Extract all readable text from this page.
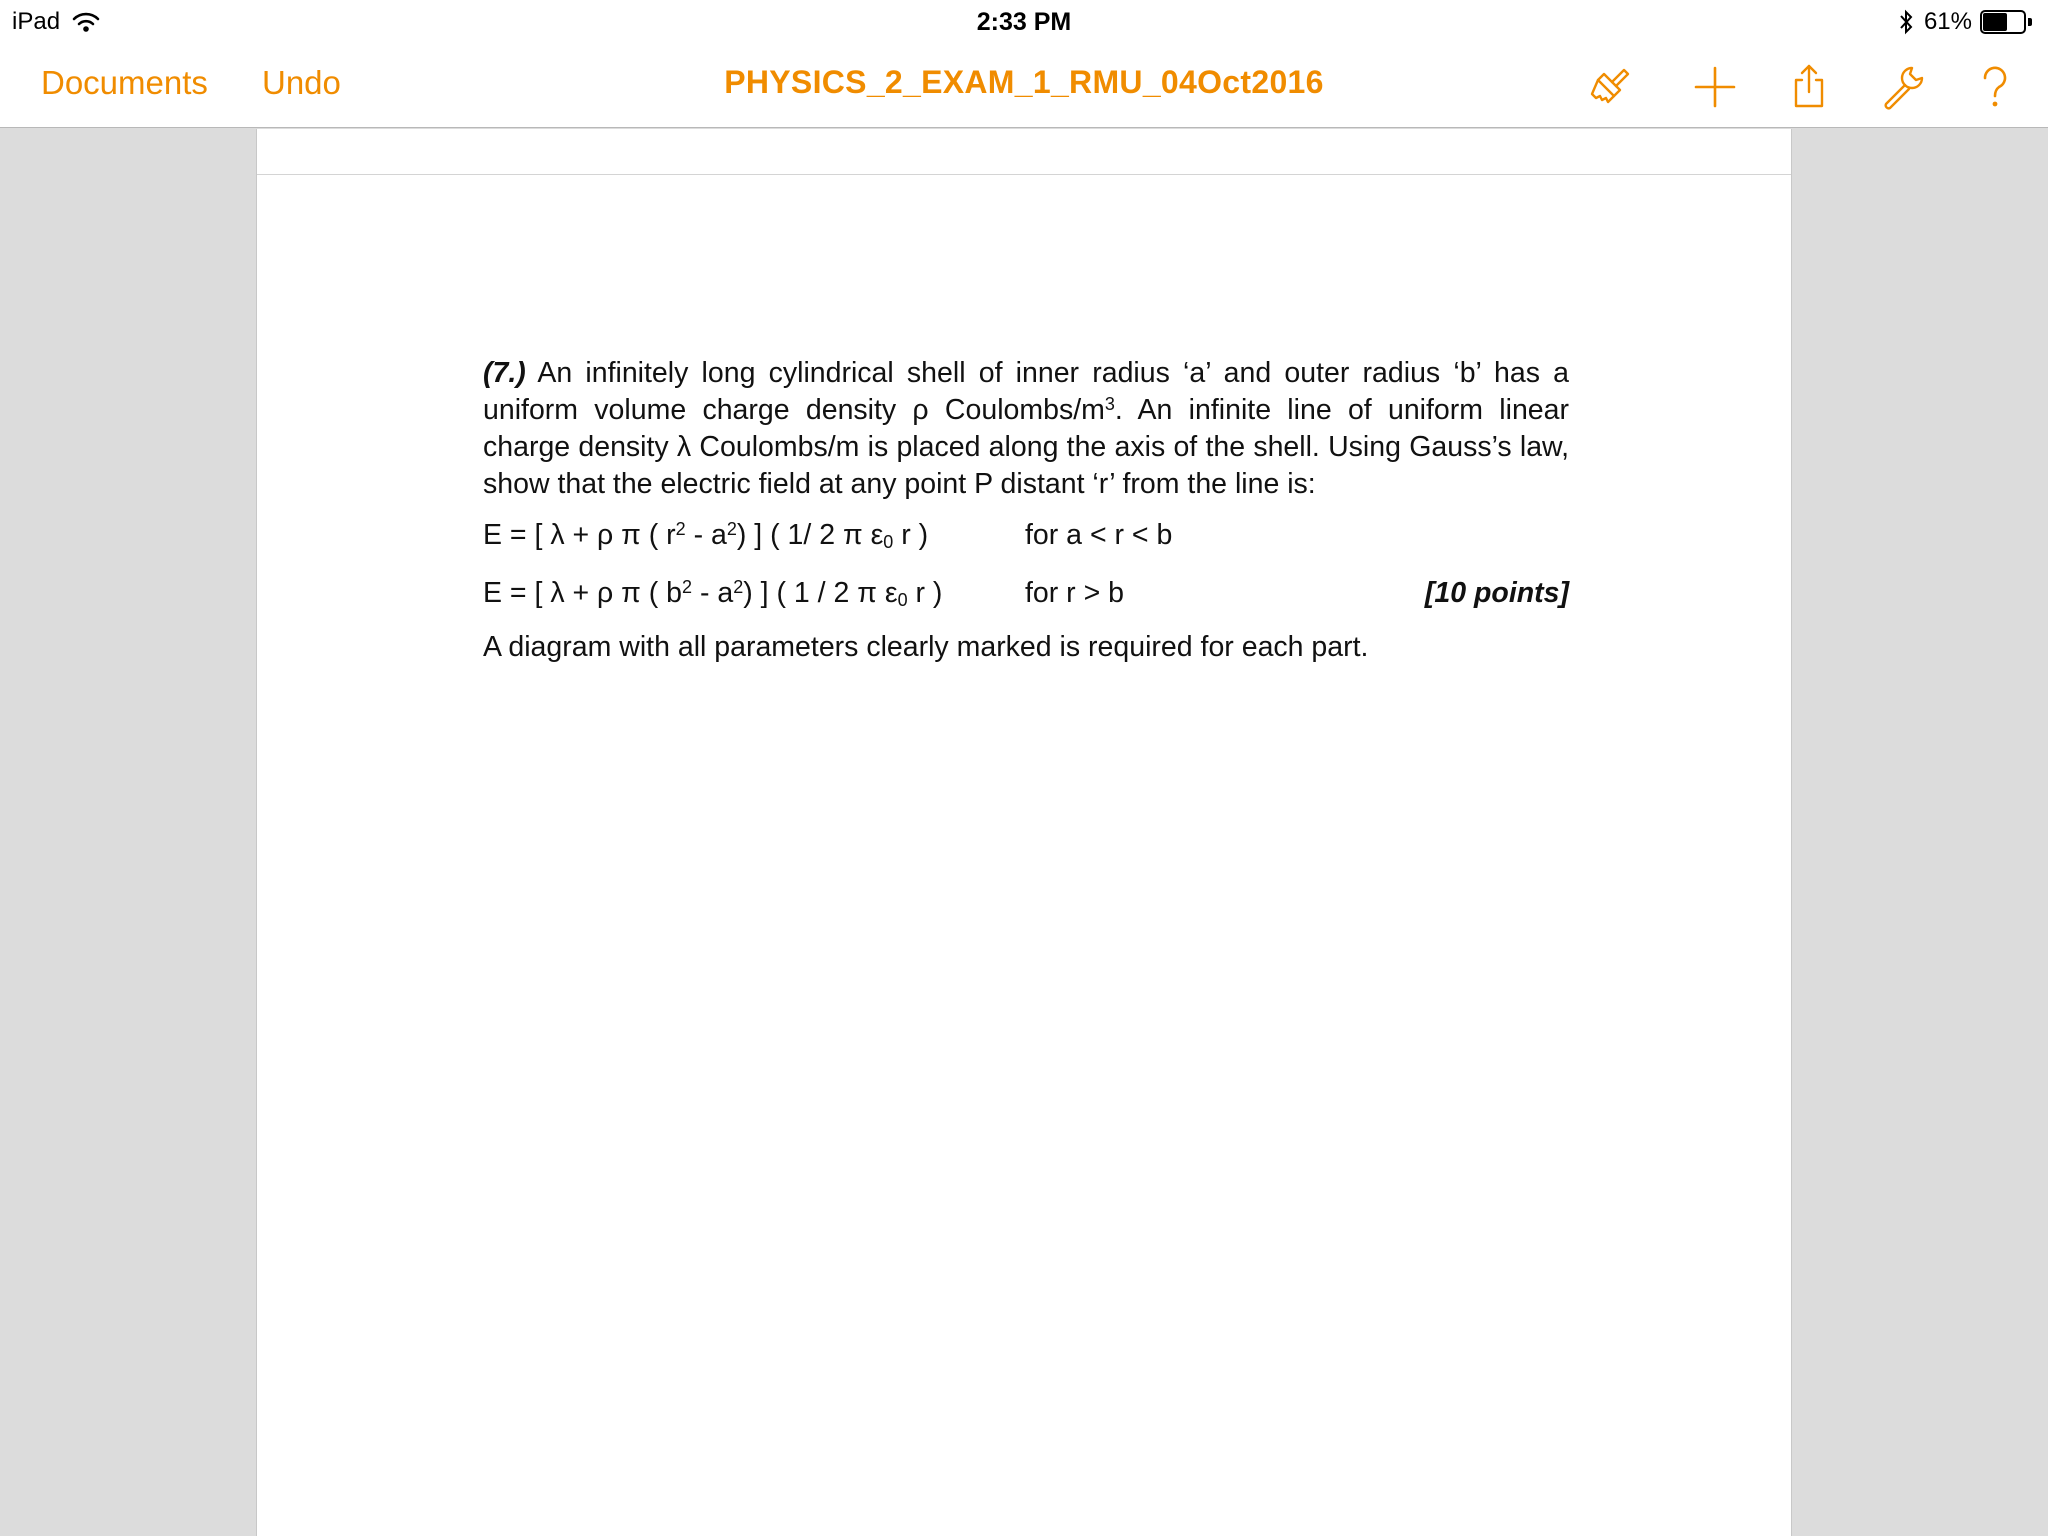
iPad	2:33 PM	61%
Documents Undo	PHYSICS_2_EXAM_1_RMU_04Oct2016

(7.) An infinitely long cylindrical shell of inner radius ‘a’ and outer radius ‘b’ has a uniform volume charge density ρ Coulombs/$m^3$. An infinite line of uniform linear charge density λ Coulombs/m is placed along the axis of the shell. Using Gauss’s law, show that the electric field at any point P distant ‘r’ from the line is:

E = [ λ + ρ π ( $r^2 - a^2$) ] ( 1/ 2 π $\varepsilon_0$ r )	for a < r < b
E = [ λ + ρ π ( $b^2 - a^2$) ] ( 1 / 2 π $\varepsilon_0$ r )	for r > b	[10 points]

A diagram with all parameters clearly marked is required for each part.
